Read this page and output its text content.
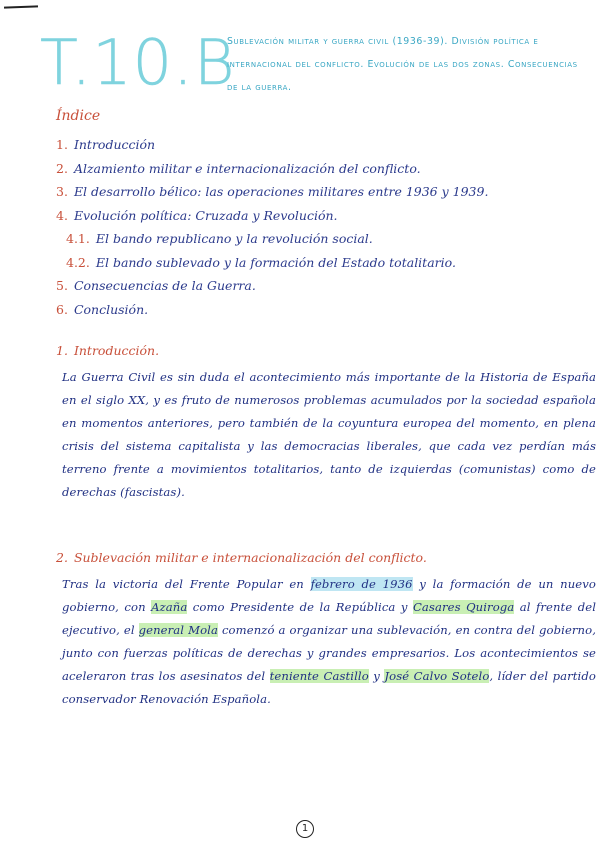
T.10.B
Sublevación militar y guerra civil (1936-39). División política e internacional del conflicto. Evolución de las dos zonas. Consecuencias de la guerra.
Índice
1. Introducción
2. Alzamiento militar e internacionalización del conflicto.
3. El desarrollo bélico: las operaciones militares entre 1936 y 1939.
4. Evolución política: Cruzada y Revolución.
4.1. El bando republicano y la revolución social.
4.2. El bando sublevado y la formación del Estado totalitario.
5. Consecuencias de la Guerra.
6. Conclusión.
1. Introducción.
La Guerra Civil es sin duda el acontecimiento más importante de la Historia de España en el siglo XX, y es fruto de numerosos problemas acumulados por la sociedad española en momentos anteriores, pero también de la coyuntura europea del momento, en plena crisis del sistema capitalista y las democracias liberales, que cada vez perdían más terreno frente a movimientos totalitarios, tanto de izquierdas (comunistas) como de derechas (fascistas).
2. Sublevación militar e internacionalización del conflicto.
Tras la victoria del Frente Popular en febrero de 1936 y la formación de un nuevo gobierno, con Azaña como Presidente de la República y Casares Quiroga al frente del ejecutivo, el general Mola comenzó a organizar una sublevación, en contra del gobierno, junto con fuerzas políticas de derechas y grandes empresarios. Los acontecimientos se aceleraron tras los asesinatos del teniente Castillo y José Calvo Sotelo, líder del partido conservador Renovación Española.
1
